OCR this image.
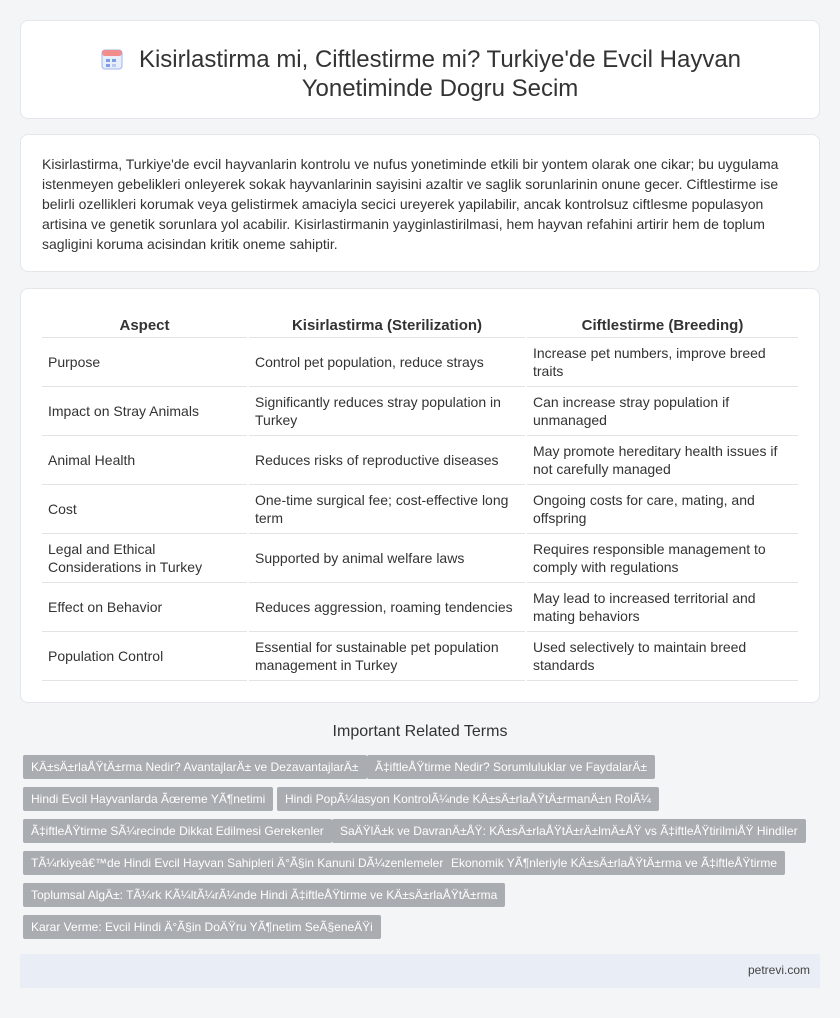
Kisirlastirma mi, Ciftlestirme mi? Turkiye'de Evcil Hayvan Yonetiminde Dogru Secim

Kisirlastirma, Turkiye'de evcil hayvanlarin kontrolu ve nufus yonetiminde etkili bir yontem olarak one cikar; bu uygulama istenmeyen gebelikleri onleyerek sokak hayvanlarinin sayisini azaltir ve saglik sorunlarinin onune gecer. Ciftlestirme ise belirli ozellikleri korumak veya gelistirmek amaciyla secici ureyerek yapilabilir, ancak kontrolsuz ciftlesme populasyon artisina ve genetik sorunlara yol acabilir. Kisirlastirmanin yayginlastirilmasi, hem hayvan refahini artirir hem de toplum sagligini koruma acisindan kritik oneme sahiptir.

Aspect	Kisirlastirma (Sterilization)	Ciftlestirme (Breeding)
Purpose	Control pet population, reduce strays	Increase pet numbers, improve breed traits
Impact on Stray Animals	Significantly reduces stray population in Turkey	Can increase stray population if unmanaged
Animal Health	Reduces risks of reproductive diseases	May promote hereditary health issues if not carefully managed
Cost	One-time surgical fee; cost-effective long term	Ongoing costs for care, mating, and offspring
Legal and Ethical Considerations in Turkey	Supported by animal welfare laws	Requires responsible management to comply with regulations
Effect on Behavior	Reduces aggression, roaming tendencies	May lead to increased territorial and mating behaviors
Population Control	Essential for sustainable pet population management in Turkey	Used selectively to maintain breed standards
Important Related Terms
KÄ±sÄ±rlaÅŸtÄ±rma Nedir? AvantajlarÄ± ve DezavantajlarÄ±	Ã‡iftleÅŸtirme Nedir? Sorumluluklar ve FaydalarÄ±
Hindi Evcil Hayvanlarda Ãœreme YÃ¶netimi	Hindi PopÃ¼lasyon KontrolÃ¼nde KÄ±sÄ±rlaÅŸtÄ±rmanÄ±n RolÃ¼
Ã‡iftleÅŸtirme SÃ¼recinde Dikkat Edilmesi Gerekenler	SaÄŸlÄ±k ve DavranÄ±ÅŸ: KÄ±sÄ±rlaÅŸtÄ±rÄ±lmÄ±ÅŸ vs Ã‡iftleÅŸtirilmiÅŸ Hindiler
TÃ¼rkiyeâ€™de Hindi Evcil Hayvan Sahipleri Ä°Ã§in Kanuni DÃ¼zenlemeler Ekonomik YÃ¶nleriyle KÄ±sÄ±rlaÅŸtÄ±rma ve Ã‡iftleÅŸtirme
Toplumsal AlgÄ±: TÃ¼rk KÃ¼ltÃ¼rÃ¼nde Hindi Ã‡iftleÅŸtirme ve KÄ±sÄ±rlaÅŸtÄ±rma
Karar Verme: Evcil Hindi Ä°Ã§in DoÄŸru YÃ¶netim SeÃ§eneÄŸi
petrevi.com
